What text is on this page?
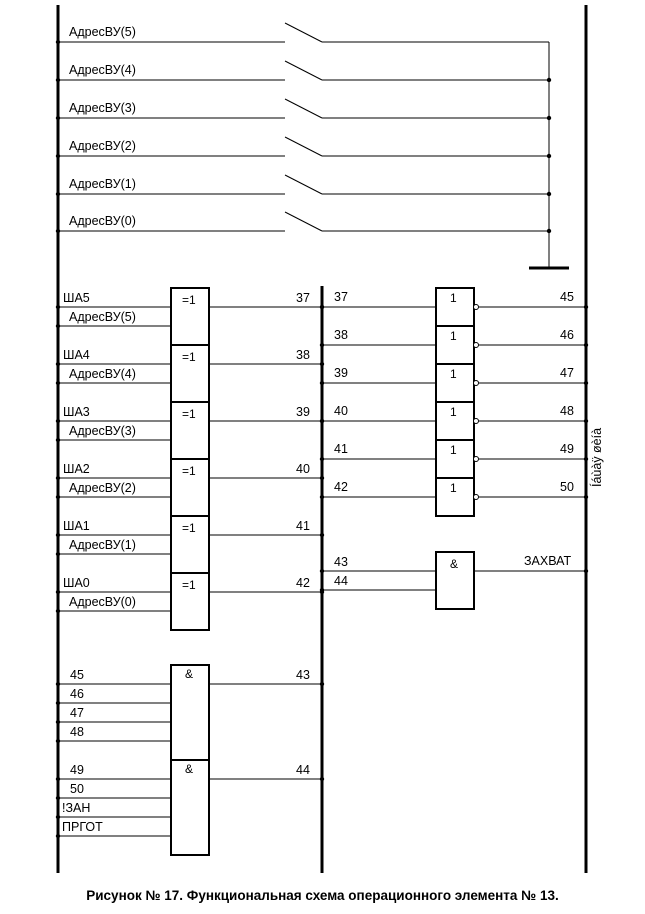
АдресВУ(5)
АдресВУ(4)
АдресВУ(3)
АдресВУ(2)
АдресВУ(1)
АдресВУ(0)
=1
ША5
АдресВУ(5)
37
=1
ША4
АдресВУ(4)
38
=1
ША3
АдресВУ(3)
39
=1
ША2
АдресВУ(2)
40
=1
ША1
АдресВУ(1)
41
=1
ША0
АдресВУ(0)
42
&
45
46
47
48
43
&
49
50
!ЗАН
ПРГОТ
44
1
37	45
1
38	46
1
39	47
1
40	48
1
41	49
1
42	50 Íáùàÿ øèíà
&
43
44
ЗАХВАТ
Рисунок № 17. Функциональная схема операционного элемента № 13.
